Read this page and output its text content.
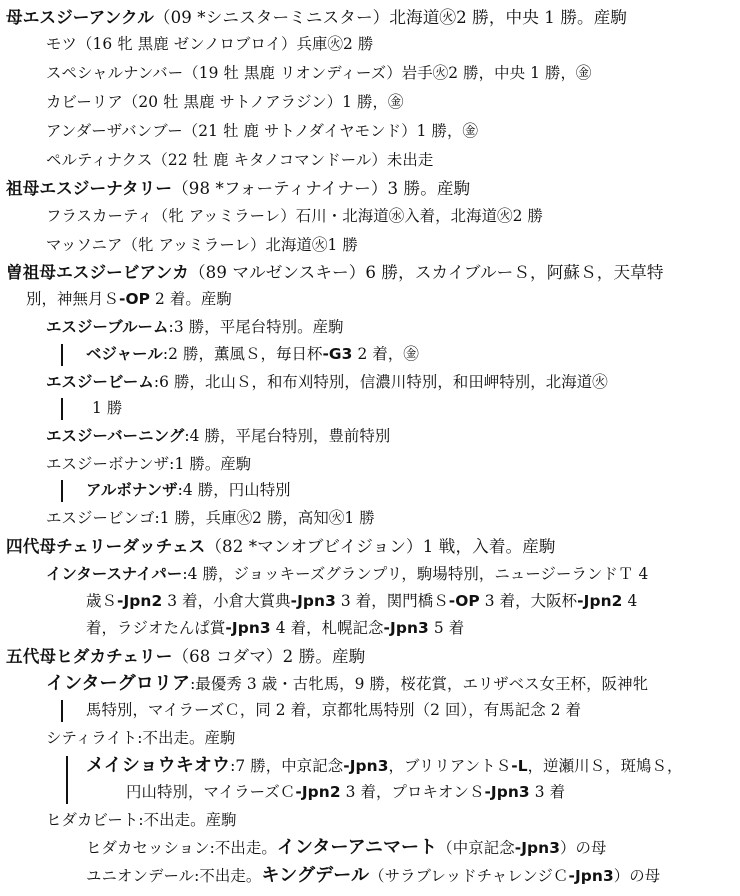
母エスジーアンクル（09 *シニスターミニスター）北海道㊋2 勝，中央 1 勝。産駒
モツ（16 牝 黒鹿 ゼンノロブロイ）兵庫㊋2 勝
スペシャルナンバー（19 牡 黒鹿 リオンディーズ）岩手㊋2 勝，中央 1 勝，㊎
カビーリア（20 牡 黒鹿 サトノアラジン）1 勝，㊎
アンダーザバンブー（21 牡 鹿 サトノダイヤモンド）1 勝，㊎
ペルティナクス（22 牡 鹿 キタノコマンドール）未出走
祖母エスジーナタリー（98 *フォーティナイナー）3 勝。産駒
フラスカーティ（牝 アッミラーレ）石川・北海道㊌入着，北海道㊋2 勝
マッソニア（牝 アッミラーレ）北海道㊋1 勝
曽祖母エスジービアンカ（89 マルゼンスキー）6 勝，スカイブルーＳ，阿蘇Ｓ，天草特
別，神無月Ｓ-OP 2 着。産駒
エスジーブルーム:3 勝，平尾台特別。産駒
ベジャール:2 勝，薫風Ｓ，毎日杯-G3 2 着，㊎
エスジービーム:6 勝，北山Ｓ，和布刈特別，信濃川特別，和田岬特別，北海道㊋
1 勝
エスジーバーニング:4 勝，平尾台特別，豊前特別
エスジーボナンザ:1 勝。産駒
アルボナンザ:4 勝，円山特別
エスジービンゴ:1 勝，兵庫㊋2 勝，高知㊋1 勝
四代母チェリーダッチェス（82 *マンオブビイジョン）1 戦，入着。産駒
インタースナイパー:4 勝，ジョッキーズグランプリ，駒場特別，ニュージーランドＴ 4
歳Ｓ-Jpn2 3 着，小倉大賞典-Jpn3 3 着，関門橋Ｓ-OP 3 着，大阪杯-Jpn2 4
着，ラジオたんぱ賞-Jpn3 4 着，札幌記念-Jpn3 5 着
五代母ヒダカチェリー（68 コダマ）2 勝。産駒
インターグロリア:最優秀 3 歳・古牝馬，9 勝，桜花賞，エリザベス女王杯，阪神牝
馬特別，マイラーズＣ，同 2 着，京都牝馬特別（2 回），有馬記念 2 着
シティライト:不出走。産駒
メイショウキオウ:7 勝，中京記念-Jpn3，ブリリアントＳ-L，逆瀬川Ｓ，斑鳩Ｓ，
円山特別，マイラーズＣ-Jpn2 3 着，プロキオンＳ-Jpn3 3 着
ヒダカビート:不出走。産駒
ヒダカセッション:不出走。インターアニマート（中京記念-Jpn3）の母
ユニオンデール:不出走。キングデール（サラブレッドチャレンジＣ-Jpn3）の母
